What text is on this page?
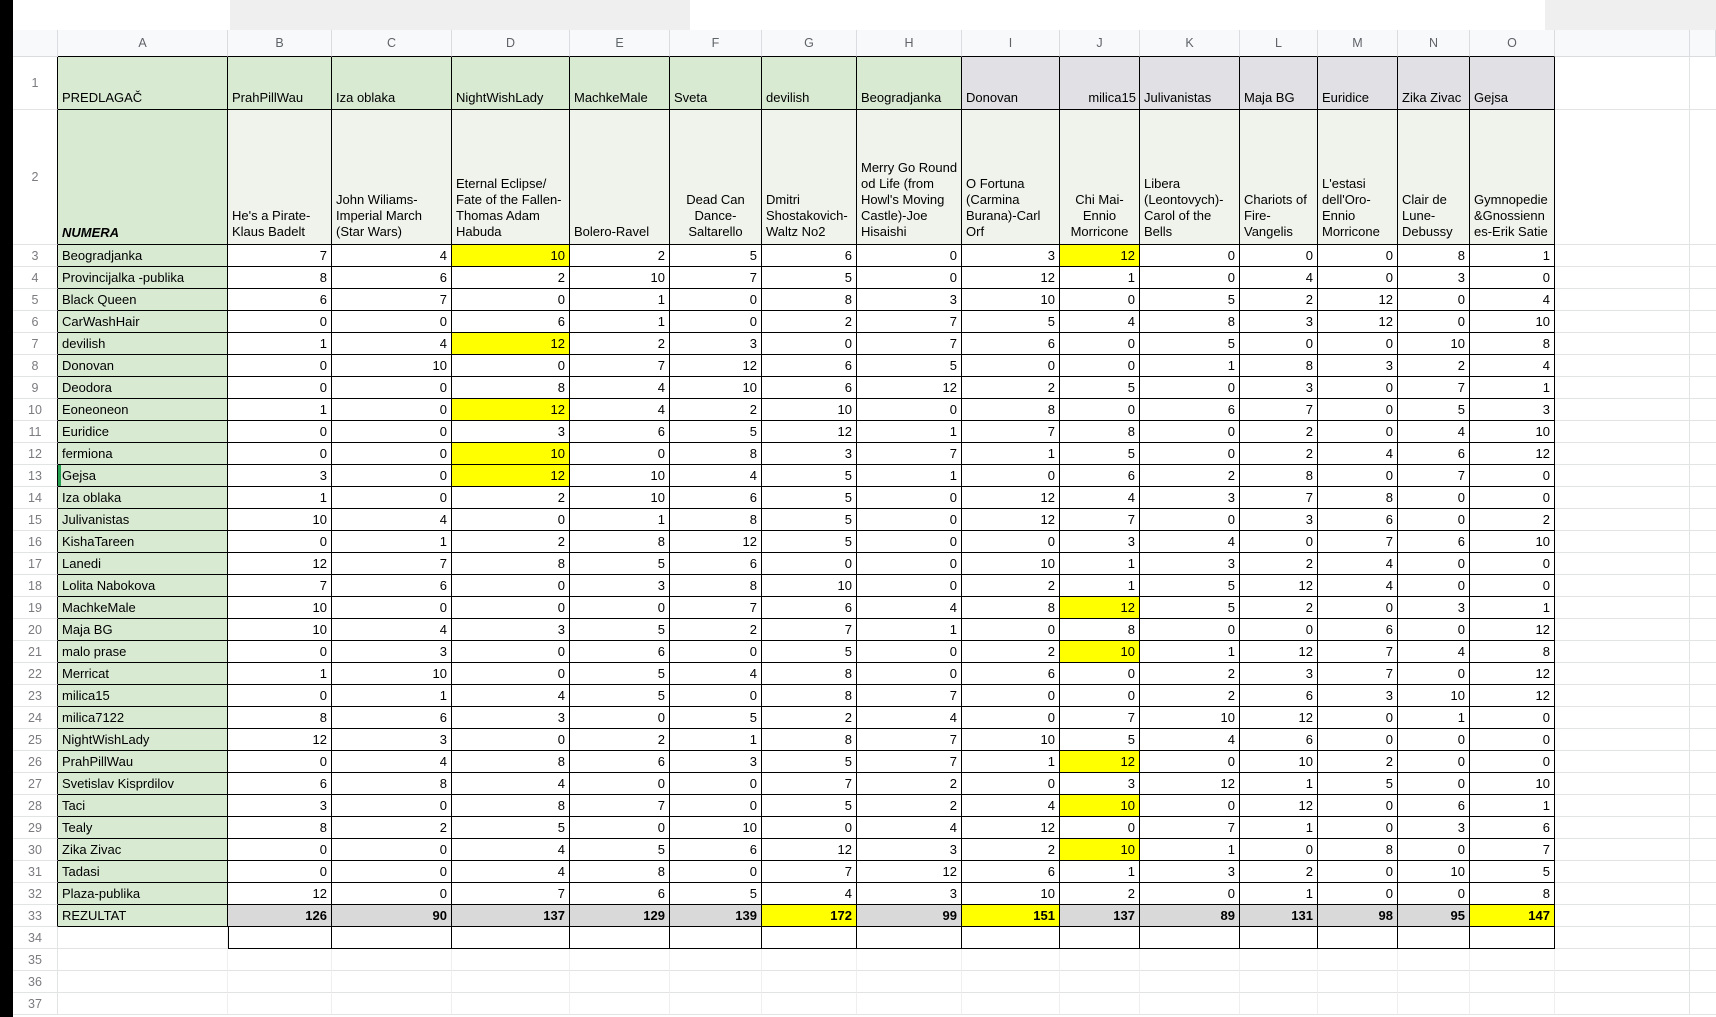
	A	B	C	D	E	F	G	H	I	J	K	L	M	N	O		
1	PREDLAGAČ	PrahPillWau	Iza oblaka	NightWishLady	MachkeMale	Sveta	devilish	Beogradjanka	Donovan	milica15	Julivanistas	Maja BG	Euridice	Zika Zivac	Gejsa		
2	NUMERA	He's a Pirate-Klaus Badelt	John Wiliams-Imperial March (Star Wars)	Eternal Eclipse/ Fate of the Fallen-Thomas Adam Habuda	Bolero-Ravel	Dead Can Dance-Saltarello	Dmitri Shostakovich-Waltz No2	Merry Go Round od Life (from Howl's Moving Castle)-Joe Hisaishi	O Fortuna (Carmina Burana)-Carl Orf	Chi Mai-Ennio Morricone	Libera (Leontovych)-Carol of the Bells	Chariots of Fire-Vangelis	L'estasi dell'Oro-Ennio Morricone	Clair de Lune-Debussy	Gymnopedie&Gnossiennes-Erik Satie		
3	Beogradjanka	7	4	10	2	5	6	0	3	12	0	0	0	8	1		
4	Provincijalka -publika	8	6	2	10	7	5	0	12	1	0	4	0	3	0		
5	Black Queen	6	7	0	1	0	8	3	10	0	5	2	12	0	4		
6	CarWashHair	0	0	6	1	0	2	7	5	4	8	3	12	0	10		
7	devilish	1	4	12	2	3	0	7	6	0	5	0	0	10	8		
8	Donovan	0	10	0	7	12	6	5	0	0	1	8	3	2	4		
9	Deodora	0	0	8	4	10	6	12	2	5	0	3	0	7	1		
10	Eoneoneon	1	0	12	4	2	10	0	8	0	6	7	0	5	3		
11	Euridice	0	0	3	6	5	12	1	7	8	0	2	0	4	10		
12	fermiona	0	0	10	0	8	3	7	1	5	0	2	4	6	12		
13	Gejsa	3	0	12	10	4	5	1	0	6	2	8	0	7	0		
14	Iza oblaka	1	0	2	10	6	5	0	12	4	3	7	8	0	0		
15	Julivanistas	10	4	0	1	8	5	0	12	7	0	3	6	0	2		
16	KishaTareen	0	1	2	8	12	5	0	0	3	4	0	7	6	10		
17	Lanedi	12	7	8	5	6	0	0	10	1	3	2	4	0	0		
18	Lolita Nabokova	7	6	0	3	8	10	0	2	1	5	12	4	0	0		
19	MachkeMale	10	0	0	0	7	6	4	8	12	5	2	0	3	1		
20	Maja BG	10	4	3	5	2	7	1	0	8	0	0	6	0	12		
21	malo prase	0	3	0	6	0	5	0	2	10	1	12	7	4	8		
22	Merricat	1	10	0	5	4	8	0	6	0	2	3	7	0	12		
23	milica15	0	1	4	5	0	8	7	0	0	2	6	3	10	12		
24	milica7122	8	6	3	0	5	2	4	0	7	10	12	0	1	0		
25	NightWishLady	12	3	0	2	1	8	7	10	5	4	6	0	0	0		
26	PrahPillWau	0	4	8	6	3	5	7	1	12	0	10	2	0	0		
27	Svetislav Kisprdilov	6	8	4	0	0	7	2	0	3	12	1	5	0	10		
28	Taci	3	0	8	7	0	5	2	4	10	0	12	0	6	1		
29	Tealy	8	2	5	0	10	0	4	12	0	7	1	0	3	6		
30	Zika Zivac	0	0	4	5	6	12	3	2	10	1	0	8	0	7		
31	Tadasi	0	0	4	8	0	7	12	6	1	3	2	0	10	5		
32	Plaza-publika	12	0	7	6	5	4	3	10	2	0	1	0	0	8		
33	REZULTAT	126	90	137	129	139	172	99	151	137	89	131	98	95	147		
34																	
35																	
36																	
37																	
